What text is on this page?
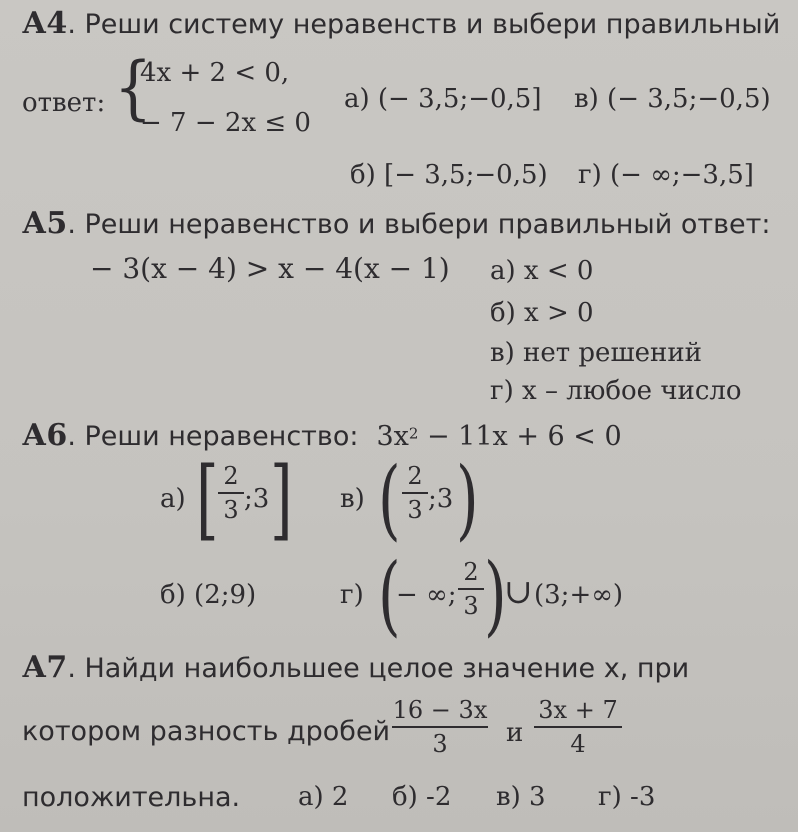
А4. Реши систему неравенств и выбери правильный
ответ: {
4x + 2 < 0,
− 7 − 2x ≤ 0
а) (− 3,5;−0,5] в) (− 3,5;−0,5)
б) [− 3,5;−0,5) г) (− ∞;−3,5]
А5. Реши неравенство и выбери правильный ответ:
− 3(x − 4) > x − 4(x − 1) а) x < 0
б) x > 0
в) нет решений
г) x – любое число
А6. Реши неравенство: $3x^2 - 11x + 6 < 0$
а) [ 2
3 ;3 ] в) ( 2
3 ;3 )
б) (2;9)	г) (
− ∞;
2
3 )
∪ (3;+∞)
А7. Найди наибольшее целое значение x, при
котором разность дробей
16 − 3x
3	и
3x + 7
4
положительна. а) 2 б) -2 в) 3 г) -3
